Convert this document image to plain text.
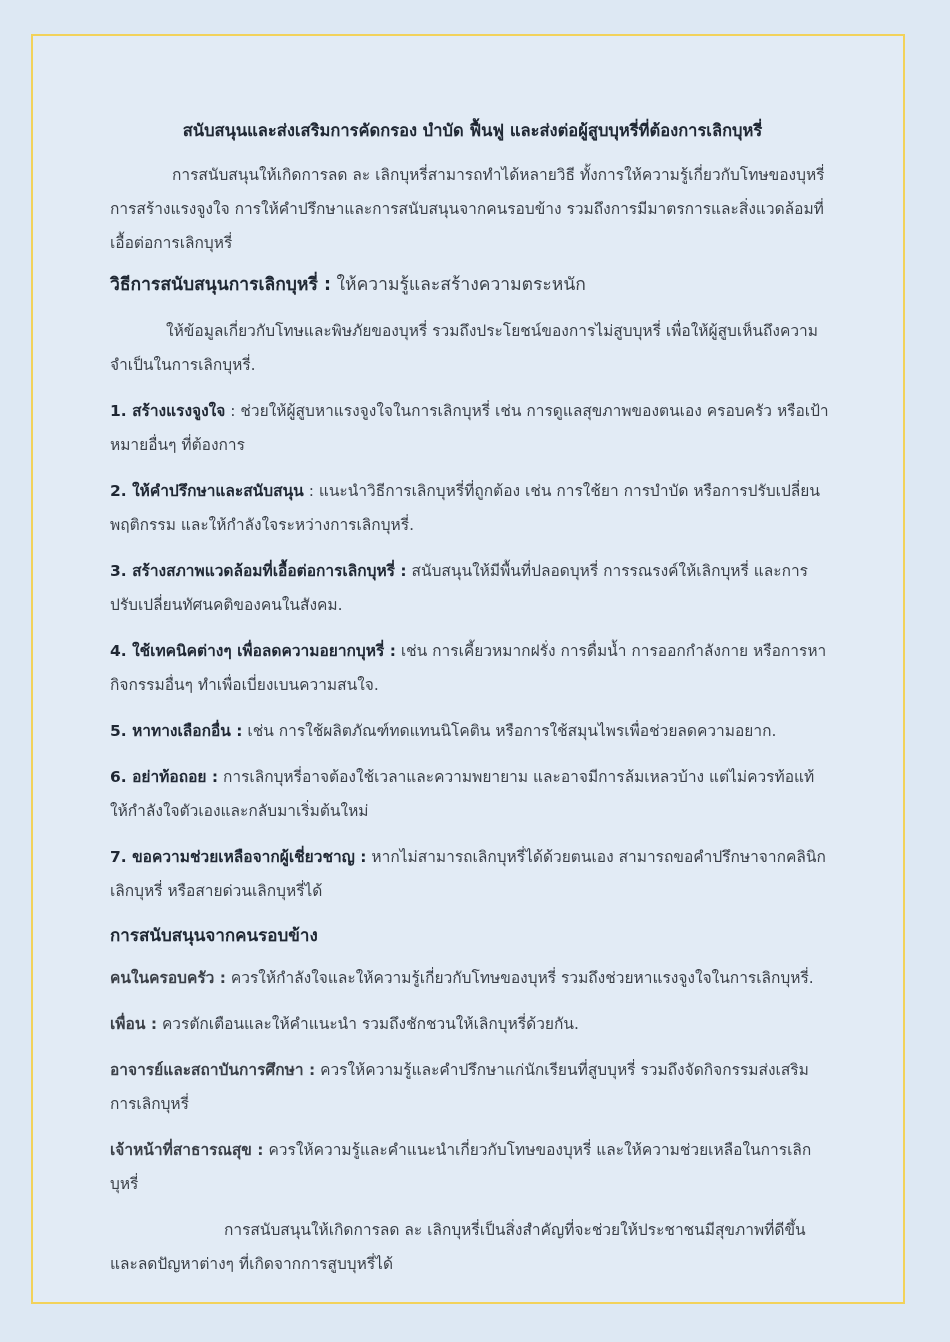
สนับสนุนและส่งเสริมการคัดกรอง บำบัด ฟื้นฟู และส่งต่อผู้สูบบุหรี่ที่ต้องการเลิกบุหรี่

การสนับสนุนให้เกิดการลด ละ เลิกบุหรี่สามารถทำได้หลายวิธี ทั้งการให้ความรู้เกี่ยวกับโทษของบุหรี่ การสร้างแรงจูงใจ การให้คำปรึกษาและการสนับสนุนจากคนรอบข้าง รวมถึงการมีมาตรการและสิ่งแวดล้อมที่เอื้อต่อการเลิกบุหรี่

วิธีการสนับสนุนการเลิกบุหรี่ : ให้ความรู้และสร้างความตระหนัก

ให้ข้อมูลเกี่ยวกับโทษและพิษภัยของบุหรี่ รวมถึงประโยชน์ของการไม่สูบบุหรี่ เพื่อให้ผู้สูบเห็นถึงความจำเป็นในการเลิกบุหรี่.

1. สร้างแรงจูงใจ : ช่วยให้ผู้สูบหาแรงจูงใจในการเลิกบุหรี่ เช่น การดูแลสุขภาพของตนเอง ครอบครัว หรือเป้าหมายอื่นๆ ที่ต้องการ

2. ให้คำปรึกษาและสนับสนุน : แนะนำวิธีการเลิกบุหรี่ที่ถูกต้อง เช่น การใช้ยา การบำบัด หรือการปรับเปลี่ยนพฤติกรรม และให้กำลังใจระหว่างการเลิกบุหรี่.

3. สร้างสภาพแวดล้อมที่เอื้อต่อการเลิกบุหรี่ : สนับสนุนให้มีพื้นที่ปลอดบุหรี่ การรณรงค์ให้เลิกบุหรี่ และการปรับเปลี่ยนทัศนคติของคนในสังคม.

4. ใช้เทคนิคต่างๆ เพื่อลดความอยากบุหรี่ : เช่น การเคี้ยวหมากฝรั่ง การดื่มน้ำ การออกกำลังกาย หรือการหากิจกรรมอื่นๆ ทำเพื่อเบี่ยงเบนความสนใจ.

5. หาทางเลือกอื่น : เช่น การใช้ผลิตภัณฑ์ทดแทนนิโคติน หรือการใช้สมุนไพรเพื่อช่วยลดความอยาก.

6. อย่าท้อถอย : การเลิกบุหรี่อาจต้องใช้เวลาและความพยายาม และอาจมีการล้มเหลวบ้าง แต่ไม่ควรท้อแท้ ให้กำลังใจตัวเองและกลับมาเริ่มต้นใหม่

7. ขอความช่วยเหลือจากผู้เชี่ยวชาญ : หากไม่สามารถเลิกบุหรี่ได้ด้วยตนเอง สามารถขอคำปรึกษาจากคลินิกเลิกบุหรี่ หรือสายด่วนเลิกบุหรี่ได้

การสนับสนุนจากคนรอบข้าง

คนในครอบครัว : ควรให้กำลังใจและให้ความรู้เกี่ยวกับโทษของบุหรี่ รวมถึงช่วยหาแรงจูงใจในการเลิกบุหรี่.

เพื่อน : ควรตักเตือนและให้คำแนะนำ รวมถึงชักชวนให้เลิกบุหรี่ด้วยกัน.

อาจารย์และสถาบันการศึกษา : ควรให้ความรู้และคำปรึกษาแก่นักเรียนที่สูบบุหรี่ รวมถึงจัดกิจกรรมส่งเสริมการเลิกบุหรี่

เจ้าหน้าที่สาธารณสุข : ควรให้ความรู้และคำแนะนำเกี่ยวกับโทษของบุหรี่ และให้ความช่วยเหลือในการเลิกบุหรี่

การสนับสนุนให้เกิดการลด ละ เลิกบุหรี่เป็นสิ่งสำคัญที่จะช่วยให้ประชาชนมีสุขภาพที่ดีขึ้น และลดปัญหาต่างๆ ที่เกิดจากการสูบบุหรี่ได้
